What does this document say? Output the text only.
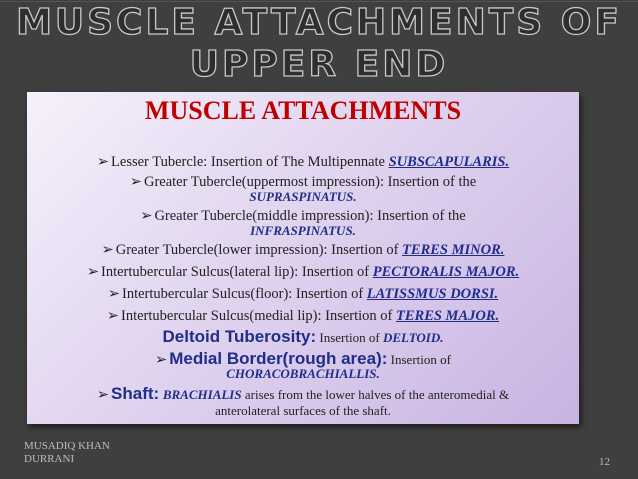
MUSCLE ATTACHMENTS OF
UPPER END
MUSCLE ATTACHMENTS
➢ Lesser Tubercle: Insertion of The Multipennate SUBSCAPULARIS.
➢ Greater Tubercle(uppermost impression): Insertion of the
SUPRASPINATUS.
➢ Greater Tubercle(middle impression): Insertion of the
INFRASPINATUS.
➢ Greater Tubercle(lower impression): Insertion of TERES MINOR.
➢ Intertubercular Sulcus(lateral lip): Insertion of PECTORALIS MAJOR.
➢ Intertubercular Sulcus(floor): Insertion of LATISSMUS DORSI.
➢ Intertubercular Sulcus(medial lip): Insertion of TERES MAJOR.
Deltoid Tuberosity: Insertion of DELTOID.
➢ Medial Border(rough area): Insertion of
CHORACOBRACHIALLIS.
➢ Shaft: BRACHIALIS arises from the lower halves of the anteromedial &
anterolateral surfaces of the shaft.
MUSADIQ KHAN
DURRANI	12
